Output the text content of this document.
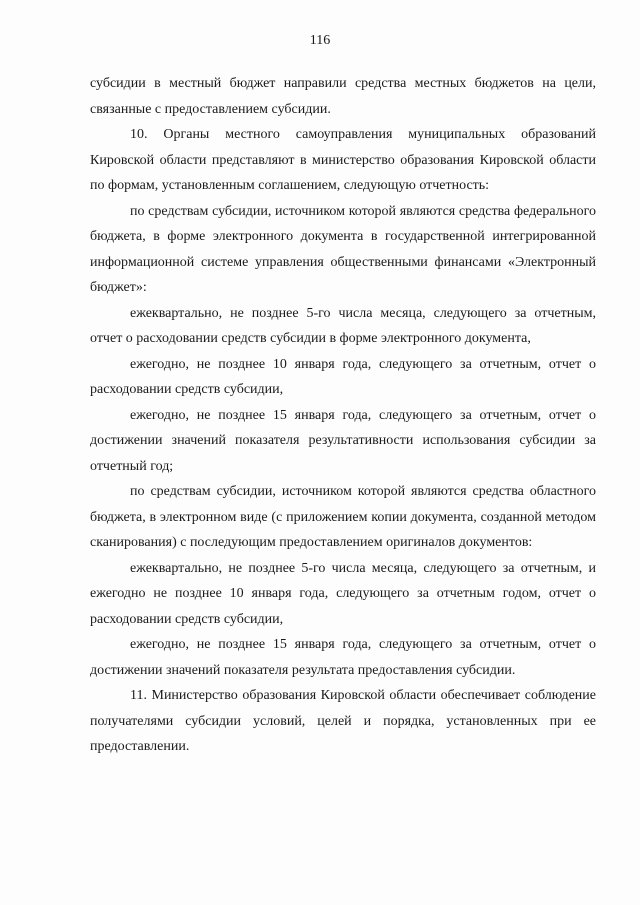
116

субсидии в местный бюджет направили средства местных бюджетов на цели, связанные с предоставлением субсидии.

10. Органы местного самоуправления муниципальных образований Кировской области представляют в министерство образования Кировской области по формам, установленным соглашением, следующую отчетность:

по средствам субсидии, источником которой являются средства федерального бюджета, в форме электронного документа в государственной интегрированной информационной системе управления общественными финансами «Электронный бюджет»:

ежеквартально, не позднее 5-го числа месяца, следующего за отчетным, отчет о расходовании средств субсидии в форме электронного документа,

ежегодно, не позднее 10 января года, следующего за отчетным, отчет о расходовании средств субсидии,

ежегодно, не позднее 15 января года, следующего за отчетным, отчет о достижении значений показателя результативности использования субсидии за отчетный год;

по средствам субсидии, источником которой являются средства областного бюджета, в электронном виде (с приложением копии документа, созданной методом сканирования) с последующим предоставлением оригиналов документов:

ежеквартально, не позднее 5-го числа месяца, следующего за отчетным, и ежегодно не позднее 10 января года, следующего за отчетным годом, отчет о расходовании средств субсидии,

ежегодно, не позднее 15 января года, следующего за отчетным, отчет о достижении значений показателя результата предоставления субсидии.

11. Министерство образования Кировской области обеспечивает соблюдение получателями субсидии условий, целей и порядка, установленных при ее предоставлении.
